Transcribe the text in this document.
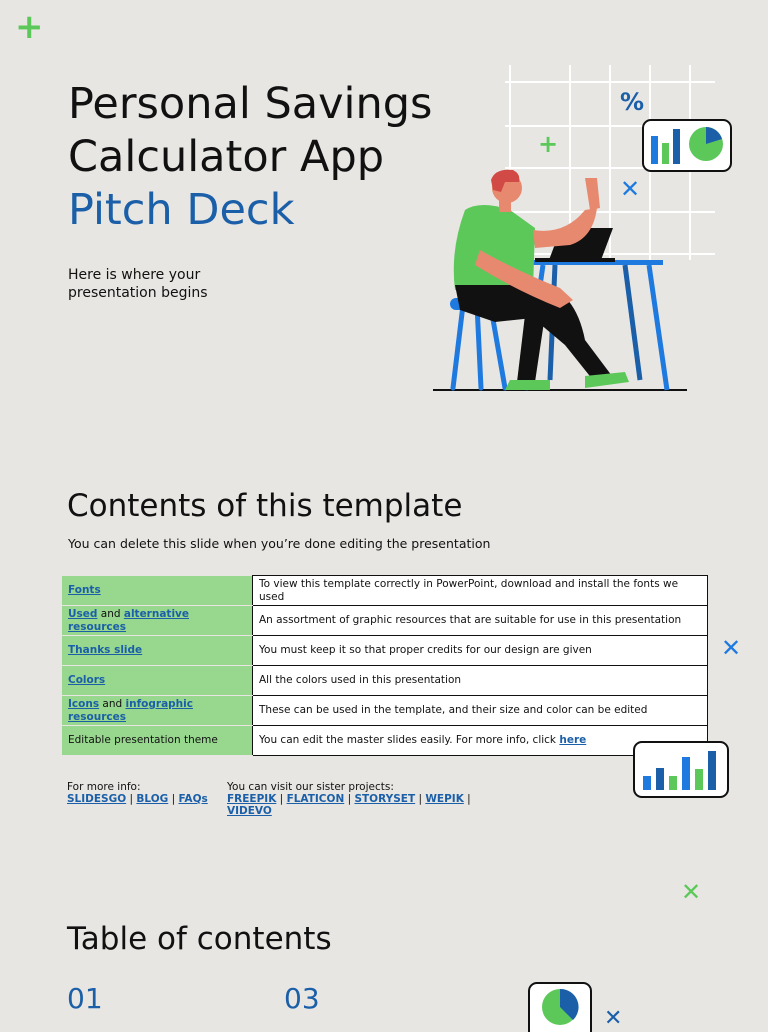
+
Personal Savings
Calculator App
Pitch Deck
Here is where your presentation begins
%
+
✕
Contents of this template
You can delete this slide when you’re done editing the presentation
Fonts	To view this template correctly in PowerPoint, download and install the fonts we used
Used and alternative resources	An assortment of graphic resources that are suitable for use in this presentation
Thanks slide	You must keep it so that proper credits for our design are given
Colors	All the colors used in this presentation
Icons and infographic resources	These can be used in the template, and their size and color can be edited
Editable presentation theme	You can edit the master slides easily. For more info, click here
✕
For more info:
SLIDESGO | BLOG | FAQs
You can visit our sister projects:
FREEPIK | FLATICON | STORYSET | WEPIK | VIDEVO
✕
Table of contents
01	03
✕
